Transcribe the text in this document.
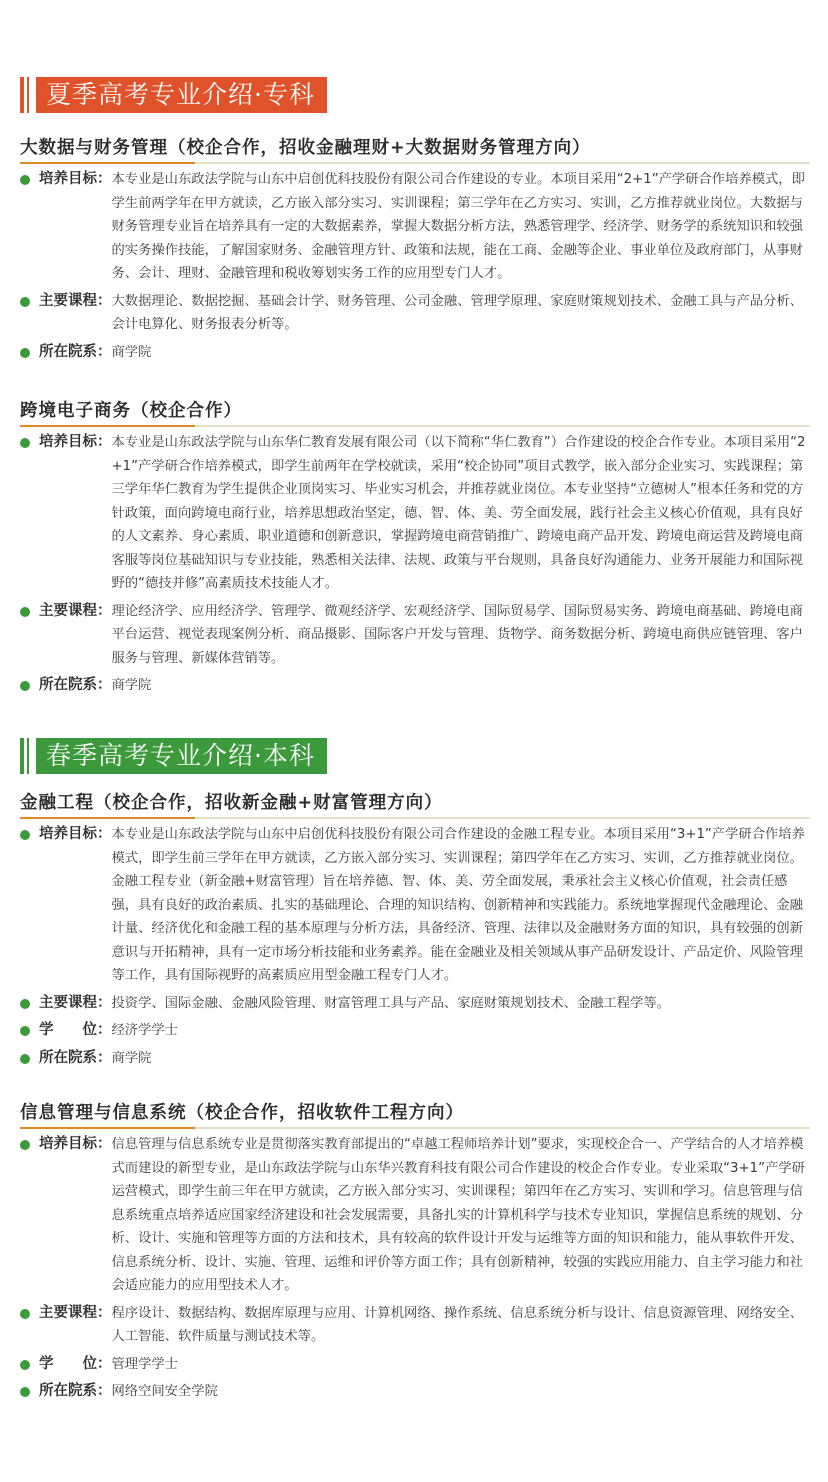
夏季高考专业介绍·专科
大数据与财务管理（校企合作，招收金融理财+大数据财务管理方向）
培养目标： 本专业是山东政法学院与山东中启创优科技股份有限公司合作建设的专业。本项目采用“2+1”产学研合作培养模式，即学生前两学年在甲方就读，乙方嵌入部分实习、实训课程；第三学年在乙方实习、实训，乙方推荐就业岗位。大数据与财务管理专业旨在培养具有一定的大数据素养，掌握大数据分析方法，熟悉管理学、经济学、财务学的系统知识和较强的实务操作技能，了解国家财务、金融管理方针、政策和法规，能在工商、金融等企业、事业单位及政府部门，从事财务、会计、理财、金融管理和税收筹划实务工作的应用型专门人才。
主要课程： 大数据理论、数据挖掘、基础会计学、财务管理、公司金融、管理学原理、家庭财策规划技术、金融工具与产品分析、会计电算化、财务报表分析等。
所在院系： 商学院
跨境电子商务（校企合作）
培养目标： 本专业是山东政法学院与山东华仁教育发展有限公司（以下简称“华仁教育”）合作建设的校企合作专业。本项目采用“2+1”产学研合作培养模式，即学生前两年在学校就读，采用“校企协同”项目式教学，嵌入部分企业实习、实践课程；第三学年华仁教育为学生提供企业顶岗实习、毕业实习机会，并推荐就业岗位。本专业坚持“立德树人”根本任务和党的方针政策，面向跨境电商行业，培养思想政治坚定，德、智、体、美、劳全面发展，践行社会主义核心价值观，具有良好的人文素养、身心素质、职业道德和创新意识，掌握跨境电商营销推广、跨境电商产品开发、跨境电商运营及跨境电商客服等岗位基础知识与专业技能，熟悉相关法律、法规、政策与平台规则，具备良好沟通能力、业务开展能力和国际视野的“德技并修”高素质技术技能人才。
主要课程： 理论经济学、应用经济学、管理学、微观经济学、宏观经济学、国际贸易学、国际贸易实务、跨境电商基础、跨境电商平台运营、视觉表现案例分析、商品摄影、国际客户开发与管理、货物学、商务数据分析、跨境电商供应链管理、客户服务与管理、新媒体营销等。
所在院系： 商学院
春季高考专业介绍·本科
金融工程（校企合作，招收新金融+财富管理方向）
培养目标： 本专业是山东政法学院与山东中启创优科技股份有限公司合作建设的金融工程专业。本项目采用“3+1”产学研合作培养模式，即学生前三学年在甲方就读，乙方嵌入部分实习、实训课程；第四学年在乙方实习、实训，乙方推荐就业岗位。金融工程专业（新金融+财富管理）旨在培养德、智、体、美、劳全面发展，秉承社会主义核心价值观，社会责任感强，具有良好的政治素质、扎实的基础理论、合理的知识结构、创新精神和实践能力。系统地掌握现代金融理论、金融计量、经济优化和金融工程的基本原理与分析方法，具备经济、管理、法律以及金融财务方面的知识，具有较强的创新意识与开拓精神，具有一定市场分析技能和业务素养。能在金融业及相关领域从事产品研发设计、产品定价、风险管理等工作，具有国际视野的高素质应用型金融工程专门人才。
主要课程： 投资学、国际金融、金融风险管理、财富管理工具与产品、家庭财策规划技术、金融工程学等。
学　　位： 经济学学士
所在院系： 商学院
信息管理与信息系统（校企合作，招收软件工程方向）
培养目标： 信息管理与信息系统专业是贯彻落实教育部提出的“卓越工程师培养计划”要求，实现校企合一、产学结合的人才培养模式而建设的新型专业，是山东政法学院与山东华兴教育科技有限公司合作建设的校企合作专业。专业采取“3+1”产学研运营模式，即学生前三年在甲方就读，乙方嵌入部分实习、实训课程；第四年在乙方实习、实训和学习。信息管理与信息系统重点培养适应国家经济建设和社会发展需要，具备扎实的计算机科学与技术专业知识，掌握信息系统的规划、分析、设计、实施和管理等方面的方法和技术，具有较高的软件设计开发与运维等方面的知识和能力，能从事软件开发、信息系统分析、设计、实施、管理、运维和评价等方面工作；具有创新精神，较强的实践应用能力、自主学习能力和社会适应能力的应用型技术人才。
主要课程： 程序设计、数据结构、数据库原理与应用、计算机网络、操作系统、信息系统分析与设计、信息资源管理、网络安全、人工智能、软件质量与测试技术等。
学　　位： 管理学学士
所在院系： 网络空间安全学院
